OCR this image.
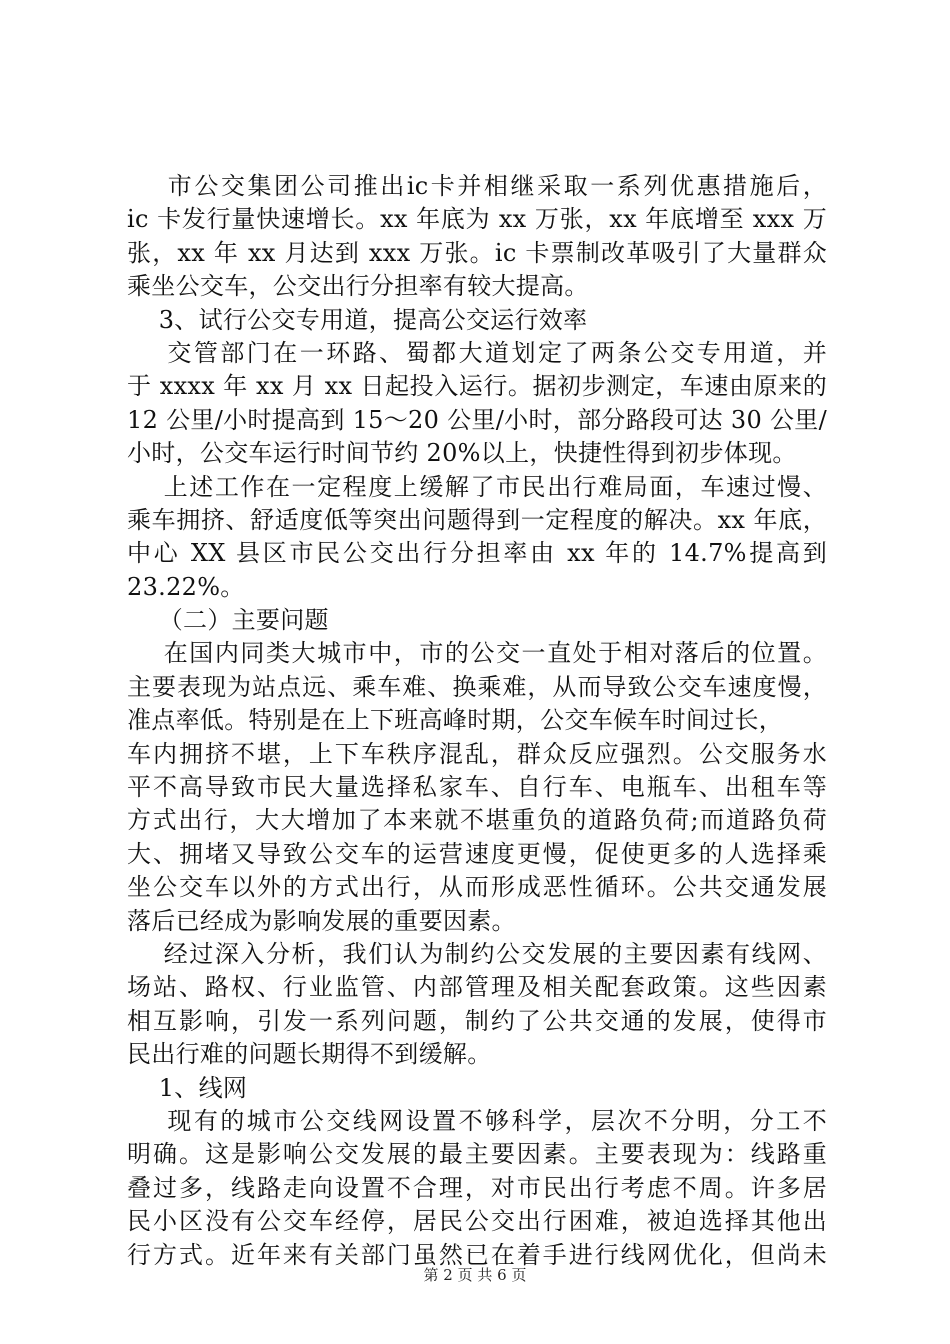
市公交集团公司推出ic卡并相继采取一系列优惠措施后，
ic 卡发行量快速增长。xx 年底为 xx 万张，xx 年底增至 xxx 万
张，xx 年 xx 月达到 xxx 万张。ic 卡票制改革吸引了大量群众
乘坐公交车，公交出行分担率有较大提高。
3、试行公交专用道，提高公交运行效率
交管部门在一环路、蜀都大道划定了两条公交专用道，并
于 xxxx 年 xx 月 xx 日起投入运行。据初步测定，车速由原来的
12 公里/小时提高到 15～20 公里/小时，部分路段可达 30 公里/
小时，公交车运行时间节约 20%以上，快捷性得到初步体现。
上述工作在一定程度上缓解了市民出行难局面，车速过慢、
乘车拥挤、舒适度低等突出问题得到一定程度的解决。xx 年底，
中心 XX 县区市民公交出行分担率由 xx 年的 14.7%提高到
23.22%。
（二）主要问题
在国内同类大城市中，市的公交一直处于相对落后的位置。
主要表现为站点远、乘车难、换乘难，从而导致公交车速度慢，
准点率低。特别是在上下班高峰时期，公交车候车时间过长，
车内拥挤不堪，上下车秩序混乱，群众反应强烈。公交服务水
平不高导致市民大量选择私家车、自行车、电瓶车、出租车等
方式出行，大大增加了本来就不堪重负的道路负荷;而道路负荷
大、拥堵又导致公交车的运营速度更慢，促使更多的人选择乘
坐公交车以外的方式出行，从而形成恶性循环。公共交通发展
落后已经成为影响发展的重要因素。
经过深入分析，我们认为制约公交发展的主要因素有线网、
场站、路权、行业监管、内部管理及相关配套政策。这些因素
相互影响，引发一系列问题，制约了公共交通的发展，使得市
民出行难的问题长期得不到缓解。
1、线网
现有的城市公交线网设置不够科学，层次不分明，分工不
明确。这是影响公交发展的最主要因素。主要表现为：线路重
叠过多，线路走向设置不合理，对市民出行考虑不周。许多居
民小区没有公交车经停，居民公交出行困难，被迫选择其他出
行方式。近年来有关部门虽然已在着手进行线网优化，但尚未
第 2 页 共 6 页
